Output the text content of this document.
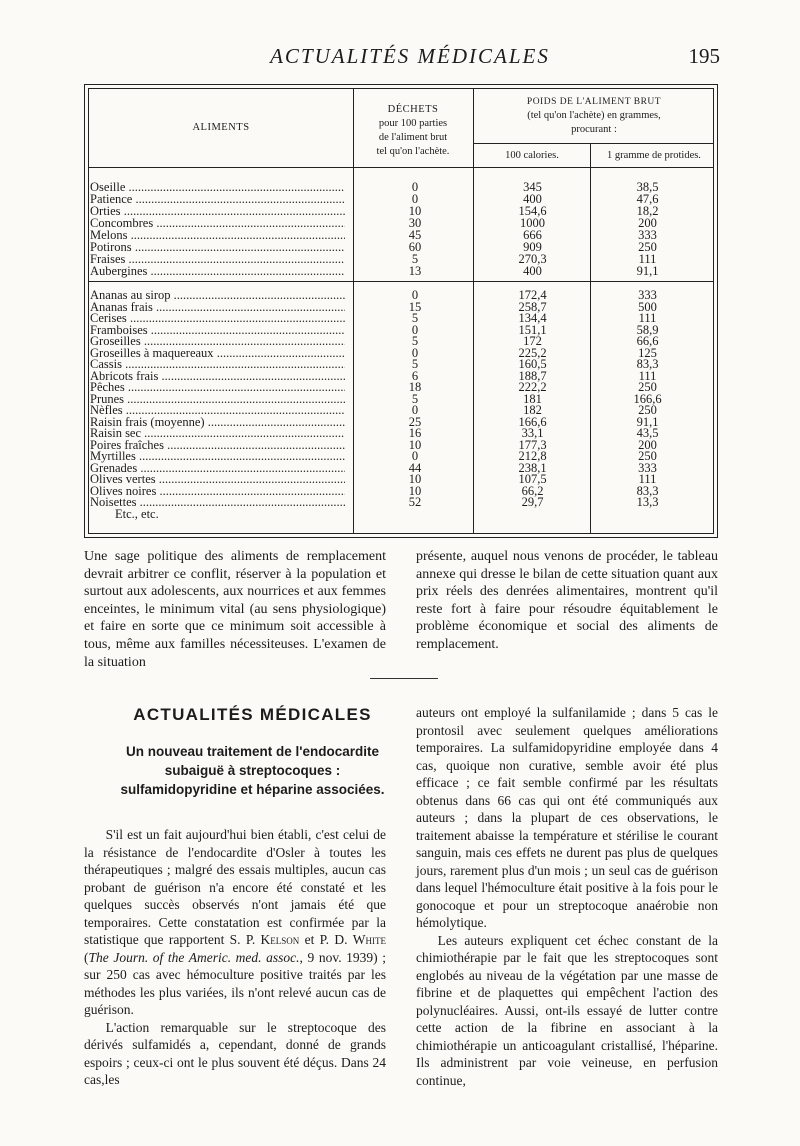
ACTUALITÉS MÉDICALES	195
ALIMENTS
DÉCHETS
pour 100 parties
de l'aliment brut
tel qu'on l'achète.
POIDS DE L'ALIMENT BRUT
(tel qu'on l'achète) en grammes,
procurant :
100 calories.	1 gramme de protides.
Oseille .....	0	345	38,5
Patience .....	0	400	47,6
Orties .....	10	154,6	18,2
Concombres .....	30	1000	200
Melons .....	45	666	333
Potirons .....	60	909	250
Fraises .....	5	270,3	111
Aubergines .....	13	400	91,1
Ananas au sirop .....	0	172,4	333
Ananas frais .....	15	258,7	500
Cerises .....	5	134,4	111
Framboises .....	0	151,1	58,9
Groseilles .....	5	172	66,6
Groseilles à maquereaux .....	0	225,2	125
Cassis .....	5	160,5	83,3
Abricots frais .....	6	188,7	111
Pêches .....	18	222,2	250
Prunes .....	5	181	166,6
Nèfles .....	0	182	250
Raisin frais (moyenne) .....	25	166,6	91,1
Raisin sec .....	16	33,1	43,5
Poires fraîches .....	10	177,3	200
Myrtilles .....	0	212,8	250
Grenades .....	44	238,1	333
Olives vertes .....	10	107,5	111
Olives noires .....	10	66,2	83,3
Noisettes .....	52	29,7	13,3
Etc., etc.

Une sage politique des aliments de remplacement devrait arbitrer ce conflit, réserver à la population et surtout aux adolescents, aux nourrices et aux femmes enceintes, le minimum vital (au sens physiologique) et faire en sorte que ce minimum soit accessible à tous, même aux familles nécessiteuses. L'examen de la situation

présente, auquel nous venons de procéder, le tableau annexe qui dresse le bilan de cette situation quant aux prix réels des denrées alimentaires, montrent qu'il reste fort à faire pour résoudre équitablement le problème économique et social des aliments de remplacement.

ACTUALITÉS MÉDICALES
Un nouveau traitement de l'endocardite subaiguë à streptocoques : sulfamidopyridine et héparine associées.

S'il est un fait aujourd'hui bien établi, c'est celui de la résistance de l'endocardite d'Osler à toutes les thérapeutiques ; malgré des essais multiples, aucun cas probant de guérison n'a encore été constaté et les quelques succès observés n'ont jamais été que temporaires. Cette constatation est confirmée par la statistique que rapportent S. P. Kelson et P. D. White (The Journ. of the Americ. med. assoc., 9 nov. 1939) ; sur 250 cas avec hémoculture positive traités par les méthodes les plus variées, ils n'ont relevé aucun cas de guérison.

L'action remarquable sur le streptocoque des dérivés sulfamidés a, cependant, donné de grands espoirs ; ceux-ci ont le plus souvent été déçus. Dans 24 cas,les

auteurs ont employé la sulfanilamide ; dans 5 cas le prontosil avec seulement quelques améliorations temporaires. La sulfamidopyridine employée dans 4 cas, quoique non curative, semble avoir été plus efficace ; ce fait semble confirmé par les résultats obtenus dans 66 cas qui ont été communiqués aux auteurs ; dans la plupart de ces observations, le traitement abaisse la température et stérilise le courant sanguin, mais ces effets ne durent pas plus de quelques jours, rarement plus d'un mois ; un seul cas de guérison dans lequel l'hémoculture était positive à la fois pour le gonocoque et pour un streptocoque anaérobie non hémolytique.

Les auteurs expliquent cet échec constant de la chimiothérapie par le fait que les streptocoques sont englobés au niveau de la végétation par une masse de fibrine et de plaquettes qui empêchent l'action des polynucléaires. Aussi, ont-ils essayé de lutter contre cette action de la fibrine en associant à la chimiothérapie un anticoagulant cristallisé, l'héparine. Ils administrent par voie veineuse, en perfusion continue,
